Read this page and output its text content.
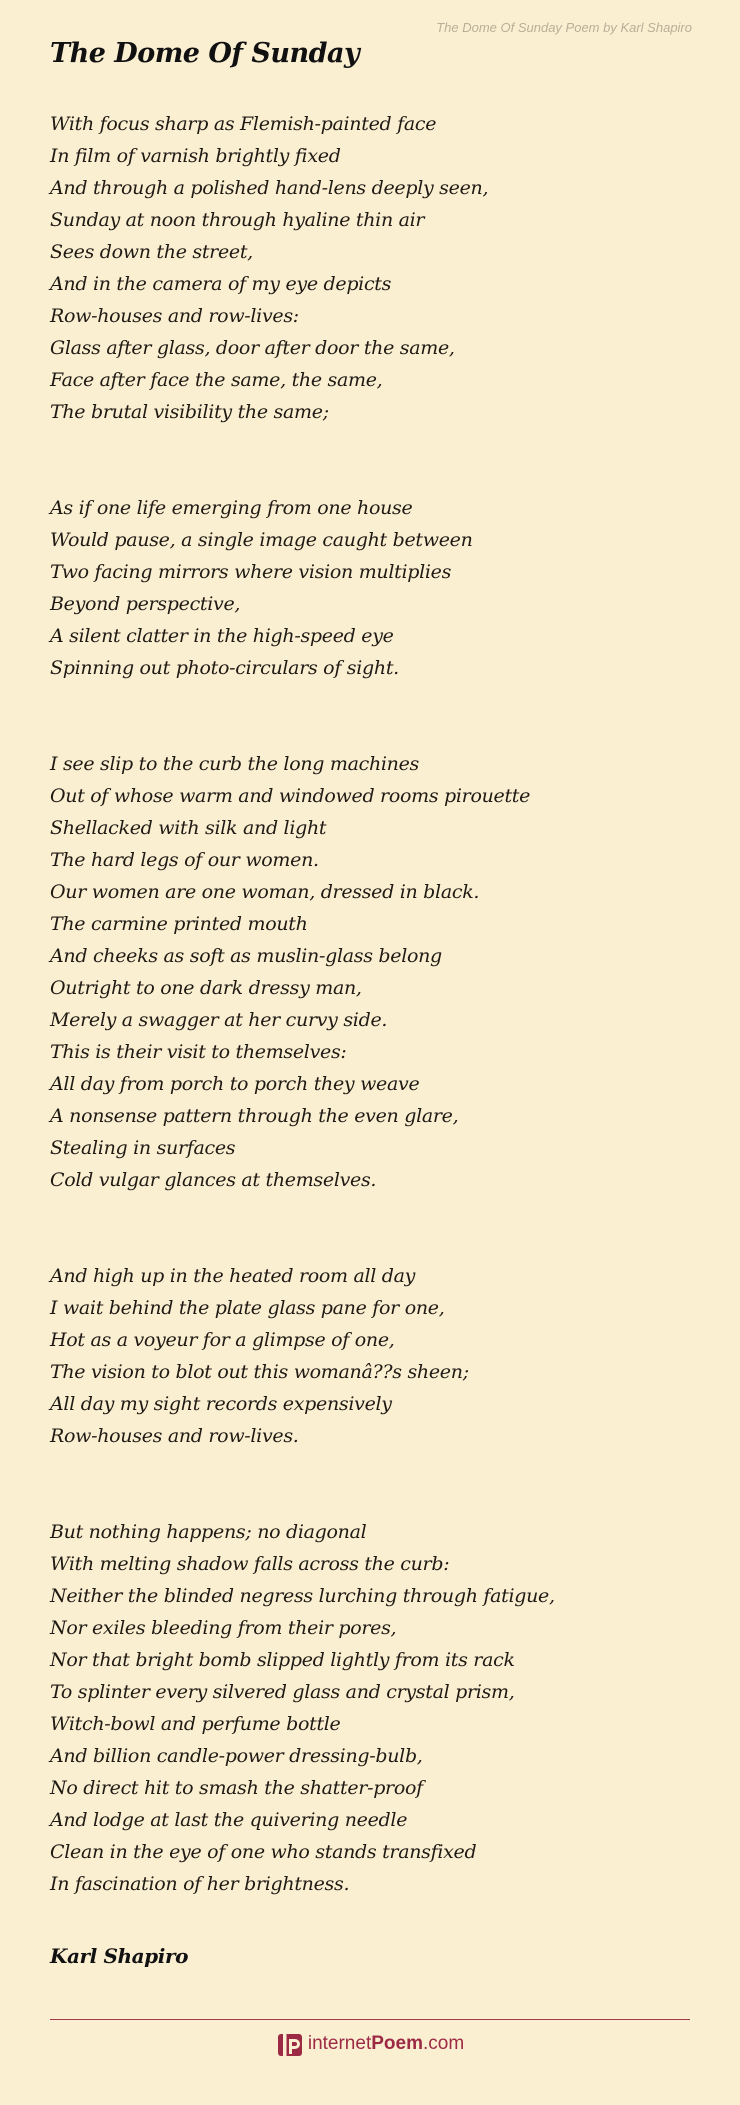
The Dome Of Sunday Poem by Karl Shapiro
The Dome Of Sunday
With focus sharp as Flemish-painted face
In film of varnish brightly fixed
And through a polished hand-lens deeply seen,
Sunday at noon through hyaline thin air
Sees down the street,
And in the camera of my eye depicts
Row-houses and row-lives:
Glass after glass, door after door the same,
Face after face the same, the same,
The brutal visibility the same;
As if one life emerging from one house
Would pause, a single image caught between
Two facing mirrors where vision multiplies
Beyond perspective,
A silent clatter in the high-speed eye
Spinning out photo-circulars of sight.
I see slip to the curb the long machines
Out of whose warm and windowed rooms pirouette
Shellacked with silk and light
The hard legs of our women.
Our women are one woman, dressed in black.
The carmine printed mouth
And cheeks as soft as muslin-glass belong
Outright to one dark dressy man,
Merely a swagger at her curvy side.
This is their visit to themselves:
All day from porch to porch they weave
A nonsense pattern through the even glare,
Stealing in surfaces
Cold vulgar glances at themselves.
And high up in the heated room all day
I wait behind the plate glass pane for one,
Hot as a voyeur for a glimpse of one,
The vision to blot out this womanâ??s sheen;
All day my sight records expensively
Row-houses and row-lives.
But nothing happens; no diagonal
With melting shadow falls across the curb:
Neither the blinded negress lurching through fatigue,
Nor exiles bleeding from their pores,
Nor that bright bomb slipped lightly from its rack
To splinter every silvered glass and crystal prism,
Witch-bowl and perfume bottle
And billion candle-power dressing-bulb,
No direct hit to smash the shatter-proof
And lodge at last the quivering needle
Clean in the eye of one who stands transfixed
In fascination of her brightness.
Karl Shapiro
internetPoem.com
